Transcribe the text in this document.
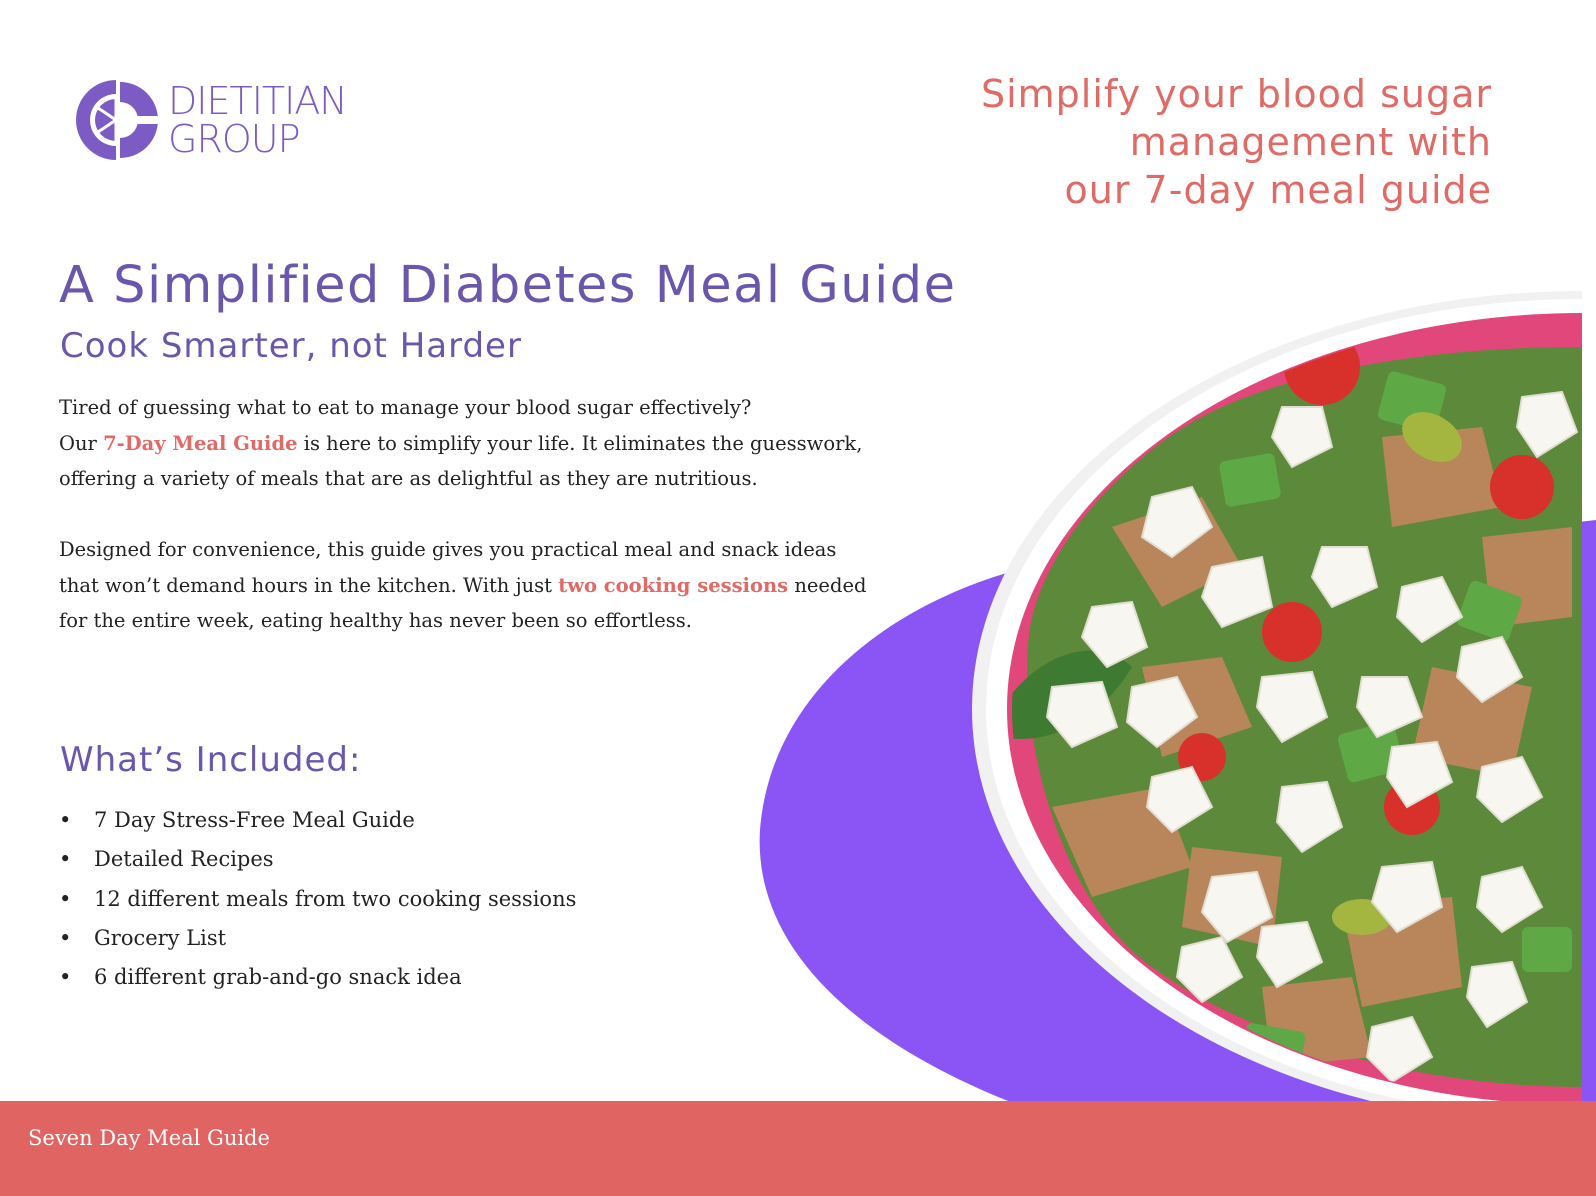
DIETITIAN
GROUP
Simplify your blood sugar
management with
our 7-day meal guide
A Simplified Diabetes Meal Guide
Cook Smarter, not Harder

Tired of guessing what to eat to manage your blood sugar effectively?
Our 7-Day Meal Guide is here to simplify your life. It eliminates the guesswork,
offering a variety of meals that are as delightful as they are nutritious.

Designed for convenience, this guide gives you practical meal and snack ideas
that won’t demand hours in the kitchen. With just two cooking sessions needed
for the entire week, eating healthy has never been so effortless.

What’s Included:
• 7 Day Stress-Free Meal Guide
• Detailed Recipes
• 12 different meals from two cooking sessions
• Grocery List
• 6 different grab-and-go snack idea
Seven Day Meal Guide
